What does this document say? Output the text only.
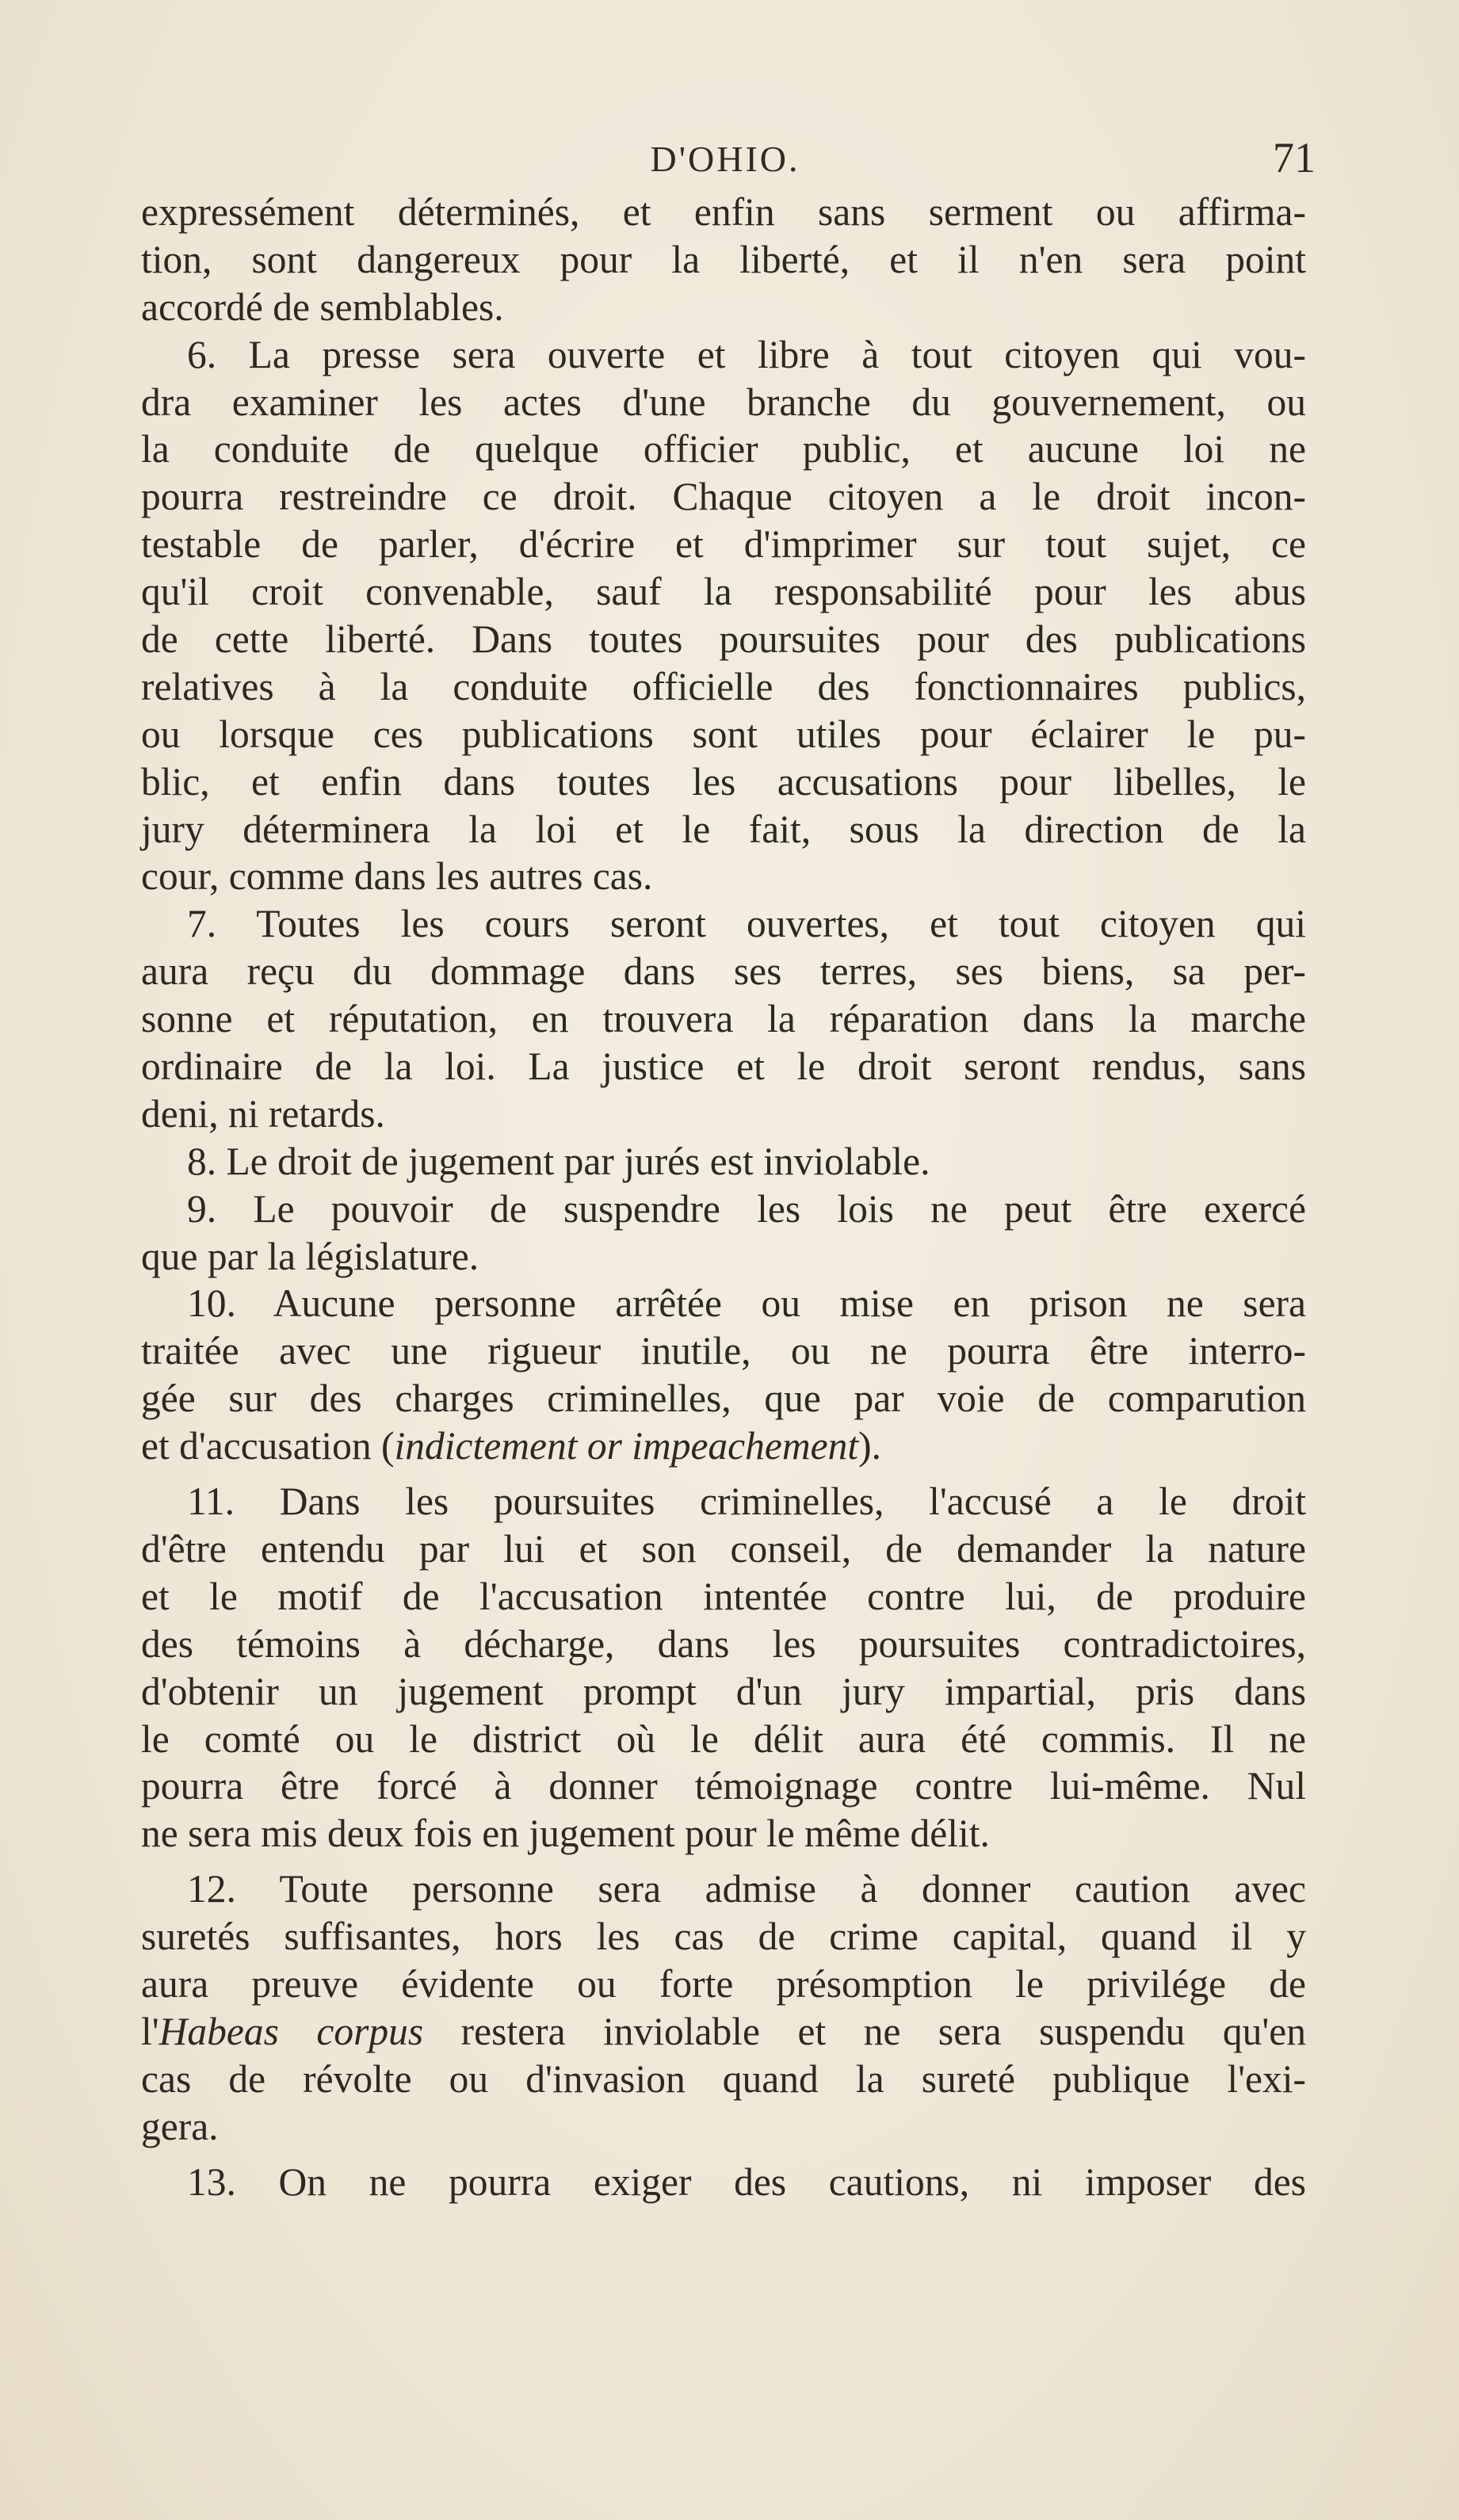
D'OHIO.	71
expressément déterminés, et enfin sans serment ou affirma-
tion, sont dangereux pour la liberté, et il n'en sera point
accordé de semblables.
6. La presse sera ouverte et libre à tout citoyen qui vou-
dra examiner les actes d'une branche du gouvernement, ou
la conduite de quelque officier public, et aucune loi ne
pourra restreindre ce droit. Chaque citoyen a le droit incon-
testable de parler, d'écrire et d'imprimer sur tout sujet, ce
qu'il croit convenable, sauf la responsabilité pour les abus
de cette liberté. Dans toutes poursuites pour des publications
relatives à la conduite officielle des fonctionnaires publics,
ou lorsque ces publications sont utiles pour éclairer le pu-
blic, et enfin dans toutes les accusations pour libelles, le
jury déterminera la loi et le fait, sous la direction de la
cour, comme dans les autres cas.
7. Toutes les cours seront ouvertes, et tout citoyen qui
aura reçu du dommage dans ses terres, ses biens, sa per-
sonne et réputation, en trouvera la réparation dans la marche
ordinaire de la loi. La justice et le droit seront rendus, sans
deni, ni retards.
8. Le droit de jugement par jurés est inviolable.
9. Le pouvoir de suspendre les lois ne peut être exercé
que par la législature.
10. Aucune personne arrêtée ou mise en prison ne sera
traitée avec une rigueur inutile, ou ne pourra être interro-
gée sur des charges criminelles, que par voie de comparution
et d'accusation (indictement or impeachement).
11. Dans les poursuites criminelles, l'accusé a le droit
d'être entendu par lui et son conseil, de demander la nature
et le motif de l'accusation intentée contre lui, de produire
des témoins à décharge, dans les poursuites contradictoires,
d'obtenir un jugement prompt d'un jury impartial, pris dans
le comté ou le district où le délit aura été commis. Il ne
pourra être forcé à donner témoignage contre lui-même. Nul
ne sera mis deux fois en jugement pour le même délit.
12. Toute personne sera admise à donner caution avec
suretés suffisantes, hors les cas de crime capital, quand il y
aura preuve évidente ou forte présomption le privilége de
l'Habeas corpus restera inviolable et ne sera suspendu qu'en
cas de révolte ou d'invasion quand la sureté publique l'exi-
gera.
13. On ne pourra exiger des cautions, ni imposer des
